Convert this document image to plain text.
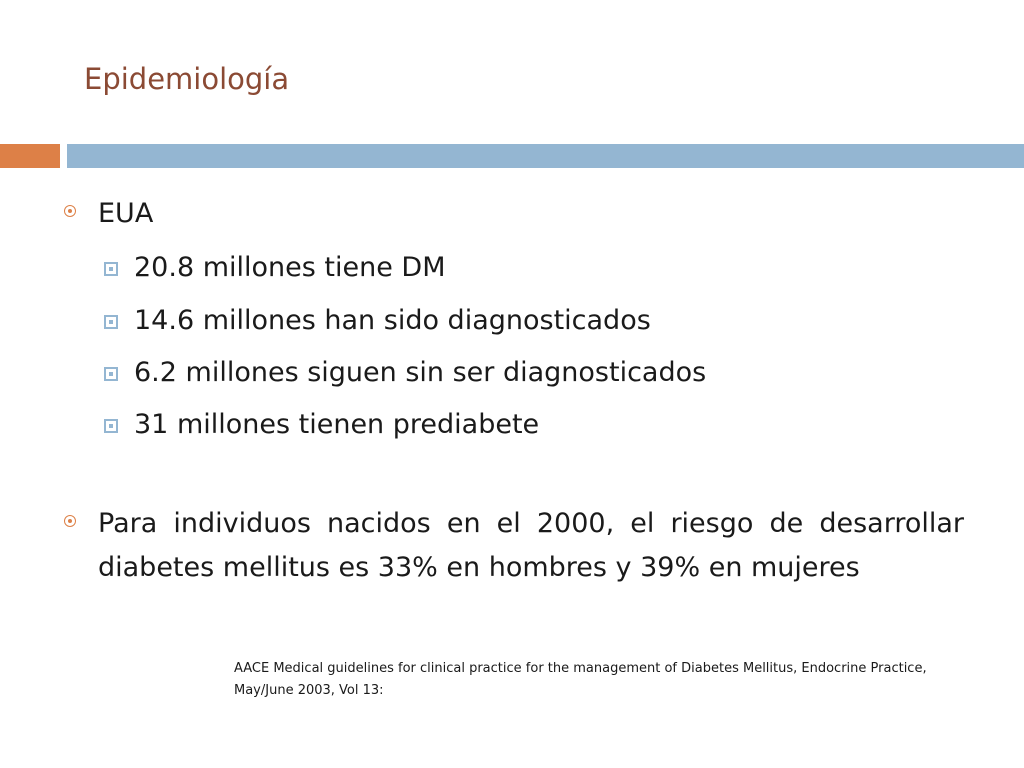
Epidemiología
EUA
20.8 millones tiene DM
14.6 millones han sido diagnosticados
6.2 millones siguen sin ser diagnosticados
31 millones tienen prediabete
Para individuos nacidos en el 2000, el riesgo de desarrollar diabetes mellitus es 33% en hombres y 39% en mujeres
AACE Medical guidelines for clinical practice for the management of Diabetes Mellitus, Endocrine Practice, May/June 2003, Vol 13:
